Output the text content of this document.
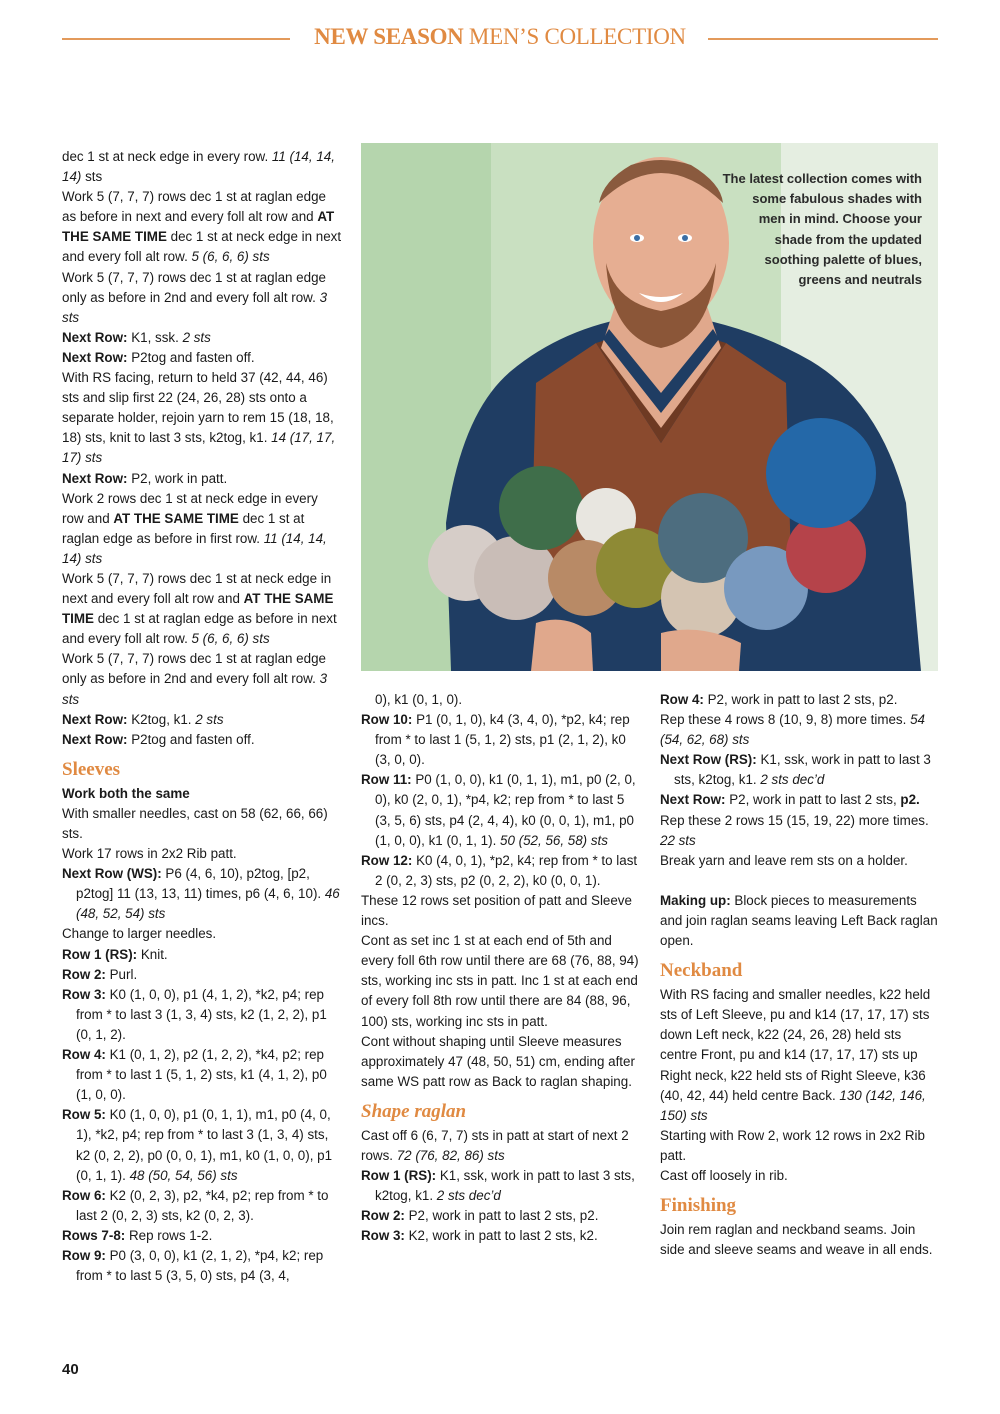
NEW SEASON MEN’S COLLECTION

dec 1 st at neck edge in every row. 11 (14, 14, 14) sts

Work 5 (7, 7, 7) rows dec 1 st at raglan edge as before in next and every foll alt row and AT THE SAME TIME dec 1 st at neck edge in next and every foll alt row. 5 (6, 6, 6) sts

Work 5 (7, 7, 7) rows dec 1 st at raglan edge only as before in 2nd and every foll alt row. 3 sts

Next Row: K1, ssk. 2 sts

Next Row: P2tog and fasten off.

With RS facing, return to held 37 (42, 44, 46) sts and slip first 22 (24, 26, 28) sts onto a separate holder, rejoin yarn to rem 15 (18, 18, 18) sts, knit to last 3 sts, k2tog, k1. 14 (17, 17, 17) sts

Next Row: P2, work in patt.

Work 2 rows dec 1 st at neck edge in every row and AT THE SAME TIME dec 1 st at raglan edge as before in first row. 11 (14, 14, 14) sts

Work 5 (7, 7, 7) rows dec 1 st at neck edge in next and every foll alt row and AT THE SAME TIME dec 1 st at raglan edge as before in next and every foll alt row. 5 (6, 6, 6) sts

Work 5 (7, 7, 7) rows dec 1 st at raglan edge only as before in 2nd and every foll alt row. 3 sts

Next Row: K2tog, k1. 2 sts

Next Row: P2tog and fasten off.

Sleeves

Work both the same

With smaller needles, cast on 58 (62, 66, 66) sts.

Work 17 rows in 2x2 Rib patt.

Next Row (WS): P6 (4, 6, 10), p2tog, [p2, p2tog] 11 (13, 13, 11) times, p6 (4, 6, 10). 46 (48, 52, 54) sts

Change to larger needles.

Row 1 (RS): Knit.

Row 2: Purl.

Row 3: K0 (1, 0, 0), p1 (4, 1, 2), *k2, p4; rep from * to last 3 (1, 3, 4) sts, k2 (1, 2, 2), p1 (0, 1, 2).

Row 4: K1 (0, 1, 2), p2 (1, 2, 2), *k4, p2; rep from * to last 1 (5, 1, 2) sts, k1 (4, 1, 2), p0 (1, 0, 0).

Row 5: K0 (1, 0, 0), p1 (0, 1, 1), m1, p0 (4, 0, 1), *k2, p4; rep from * to last 3 (1, 3, 4) sts, k2 (0, 2, 2), p0 (0, 0, 1), m1, k0 (1, 0, 0), p1 (0, 1, 1). 48 (50, 54, 56) sts

Row 6: K2 (0, 2, 3), p2, *k4, p2; rep from * to last 2 (0, 2, 3) sts, k2 (0, 2, 3).

Rows 7-8: Rep rows 1-2.

Row 9: P0 (3, 0, 0), k1 (2, 1, 2), *p4, k2; rep from * to last 5 (3, 5, 0) sts, p4 (3, 4,

The latest collection comes with some fabulous shades with men in mind. Choose your shade from the updated soothing palette of blues, greens and neutrals

0), k1 (0, 1, 0).

Row 10: P1 (0, 1, 0), k4 (3, 4, 0), *p2, k4; rep from * to last 1 (5, 1, 2) sts, p1 (2, 1, 2), k0 (3, 0, 0).

Row 11: P0 (1, 0, 0), k1 (0, 1, 1), m1, p0 (2, 0, 0), k0 (2, 0, 1), *p4, k2; rep from * to last 5 (3, 5, 6) sts, p4 (2, 4, 4), k0 (0, 0, 1), m1, p0 (1, 0, 0), k1 (0, 1, 1). 50 (52, 56, 58) sts

Row 12: K0 (4, 0, 1), *p2, k4; rep from * to last 2 (0, 2, 3) sts, p2 (0, 2, 2), k0 (0, 0, 1).

These 12 rows set position of patt and Sleeve incs.

Cont as set inc 1 st at each end of 5th and every foll 6th row until there are 68 (76, 88, 94) sts, working inc sts in patt. Inc 1 st at each end of every foll 8th row until there are 84 (88, 96, 100) sts, working inc sts in patt.

Cont without shaping until Sleeve measures approximately 47 (48, 50, 51) cm, ending after same WS patt row as Back to raglan shaping.

Shape raglan

Cast off 6 (6, 7, 7) sts in patt at start of next 2 rows. 72 (76, 82, 86) sts

Row 1 (RS): K1, ssk, work in patt to last 3 sts, k2tog, k1. 2 sts dec’d

Row 2: P2, work in patt to last 2 sts, p2.

Row 3: K2, work in patt to last 2 sts, k2.

Row 4: P2, work in patt to last 2 sts, p2.

Rep these 4 rows 8 (10, 9, 8) more times. 54 (54, 62, 68) sts

Next Row (RS): K1, ssk, work in patt to last 3 sts, k2tog, k1. 2 sts dec’d

Next Row: P2, work in patt to last 2 sts, p2.

Rep these 2 rows 15 (15, 19, 22) more times. 22 sts

Break yarn and leave rem sts on a holder.

Making up: Block pieces to measurements and join raglan seams leaving Left Back raglan open.

Neckband

With RS facing and smaller needles, k22 held sts of Left Sleeve, pu and k14 (17, 17, 17) sts down Left neck, k22 (24, 26, 28) held sts centre Front, pu and k14 (17, 17, 17) sts up Right neck, k22 held sts of Right Sleeve, k36 (40, 42, 44) held centre Back. 130 (142, 146, 150) sts

Starting with Row 2, work 12 rows in 2x2 Rib patt.

Cast off loosely in rib.

Finishing

Join rem raglan and neckband seams. Join side and sleeve seams and weave in all ends.

40
